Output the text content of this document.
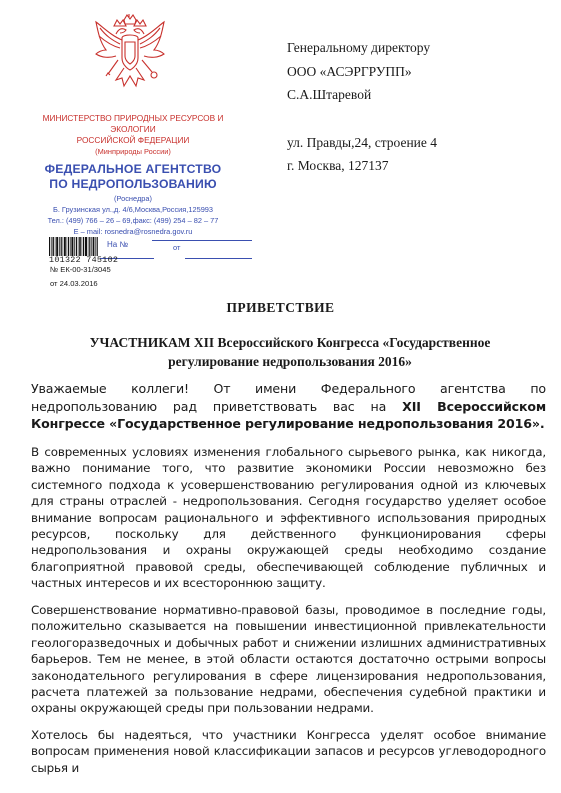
МИНИСТЕРСТВО ПРИРОДНЫХ РЕСУРСОВ И ЭКОЛОГИИ
РОССИЙСКОЙ ФЕДЕРАЦИИ
(Минприроды России)
ФЕДЕРАЛЬНОЕ АГЕНТСТВО
ПО НЕДРОПОЛЬЗОВАНИЮ
(Роснедра)
Б. Грузинская ул.,д. 4/6,Москва,Россия,125993
Тел.: (499) 766 – 26 – 69,факс: (499) 254 – 82 – 77
E – mail: rosnedra@rosnedra.gov.ru
На №	от
101322 745102
№ ЕК-00-31/3045
от 24.03.2016
Генеральному директору
ООО «АСЭРГРУПП»
С.А.Штаревой
ул. Правды,24, строение 4
г. Москва, 127137
ПРИВЕТСТВИЕ
УЧАСТНИКАМ XII Всероссийского Конгресса «Государственное
регулирование недропользования 2016»

Уважаемые коллеги! От имени Федерального агентства по недропользованию рад приветствовать вас на XII Всероссийском Конгрессе «Государственное регулирование недропользования 2016».

В современных условиях изменения глобального сырьевого рынка, как никогда, важно понимание того, что развитие экономики России невозможно без системного подхода к усовершенствованию регулирования одной из ключевых для страны отраслей - недропользования. Сегодня государство уделяет особое внимание вопросам рационального и эффективного использования природных ресурсов, поскольку для действенного функционирования сферы недропользования и охраны окружающей среды необходимо создание благоприятной правовой среды, обеспечивающей соблюдение публичных и частных интересов и их всестороннюю защиту.

Совершенствование нормативно-правовой базы, проводимое в последние годы, положительно сказывается на повышении инвестиционной привлекательности геологоразведочных и добычных работ и снижении излишних административных барьеров. Тем не менее, в этой области остаются достаточно острыми вопросы законодательного регулирования в сфере лицензирования недропользования, расчета платежей за пользование недрами, обеспечения судебной практики и охраны окружающей среды при пользовании недрами.

Хотелось бы надеяться, что участники Конгресса уделят особое внимание вопросам применения новой классификации запасов и ресурсов углеводородного сырья и
